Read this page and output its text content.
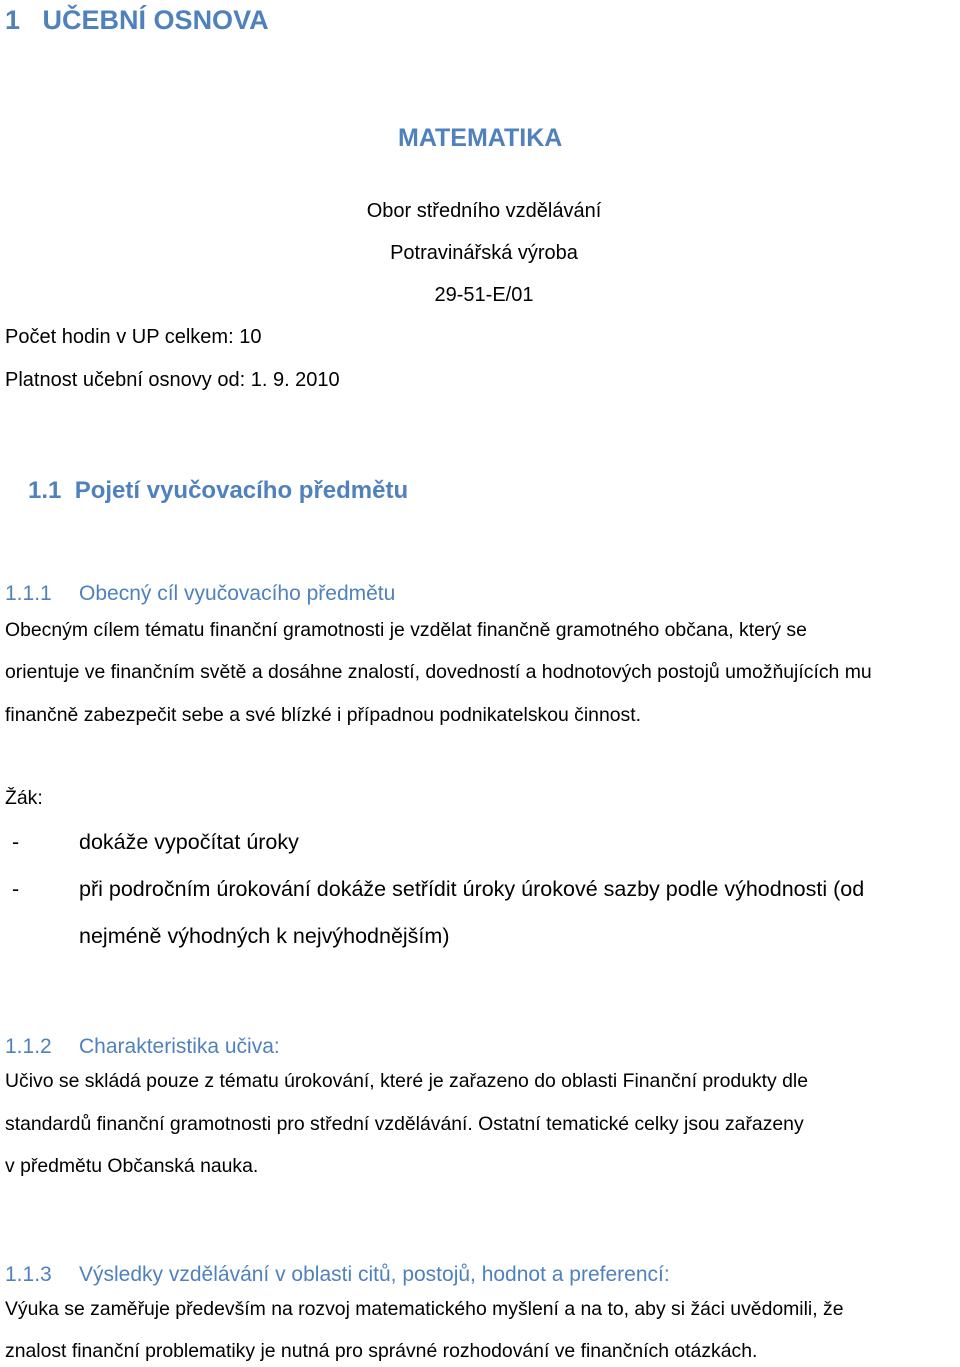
1 UČEBNÍ OSNOVA
MATEMATIKA
Obor středního vzdělávání
Potravinářská výroba
29-51-E/01
Počet hodin v UP celkem: 10
Platnost učební osnovy od: 1. 9. 2010
1.1 Pojetí vyučovacího předmětu
1.1.1 Obecný cíl vyučovacího předmětu
Obecným cílem tématu finanční gramotnosti je vzdělat finančně gramotného občana, který se
orientuje ve finančním světě a dosáhne znalostí, dovedností a hodnotových postojů umožňujících mu
finančně zabezpečit sebe a své blízké i případnou podnikatelskou činnost.
Žák:
-	dokáže vypočítat úroky
-	při področním úrokování dokáže setřídit úroky úrokové sazby podle výhodnosti (od
nejméně výhodných k nejvýhodnějším)
1.1.2 Charakteristika učiva:
Učivo se skládá pouze z tématu úrokování, které je zařazeno do oblasti Finanční produkty dle
standardů finanční gramotnosti pro střední vzdělávání. Ostatní tematické celky jsou zařazeny
v předmětu Občanská nauka.
1.1.3 Výsledky vzdělávání v oblasti citů, postojů, hodnot a preferencí:
Výuka se zaměřuje především na rozvoj matematického myšlení a na to, aby si žáci uvědomili, že
znalost finanční problematiky je nutná pro správné rozhodování ve finančních otázkách.
